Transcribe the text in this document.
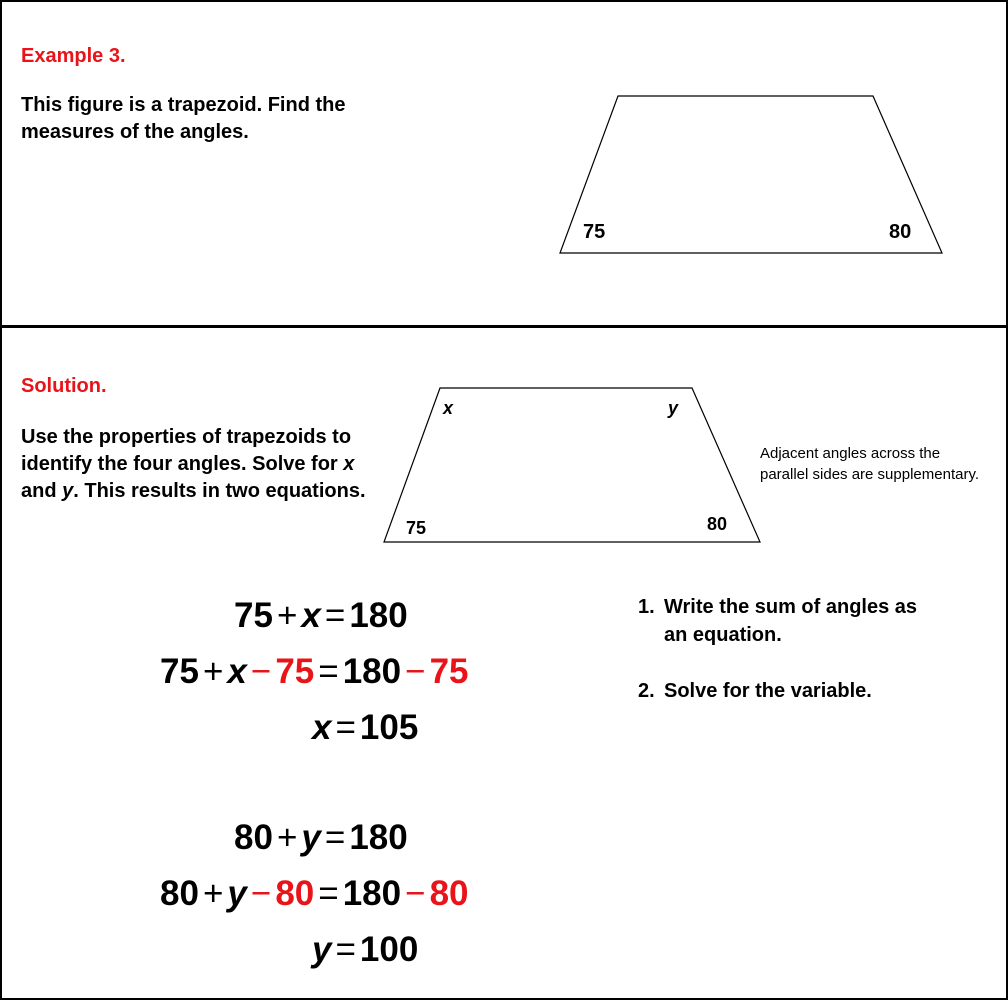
Example 3.

This figure is a trapezoid. Find the measures of the angles.

75	80
x	y
75	80

Solution.

Use the properties of trapezoids to identify the four angles. Solve for x and y. This results in two equations.

Adjacent angles across the parallel sides are supplementary.

75 + x = 180
75 + x − 75 = 180 − 75
x = 105
80 + y = 180
80 + y − 80 = 180 − 80
y = 100
1. Write the sum of angles as an equation.
2. Solve for the variable.
